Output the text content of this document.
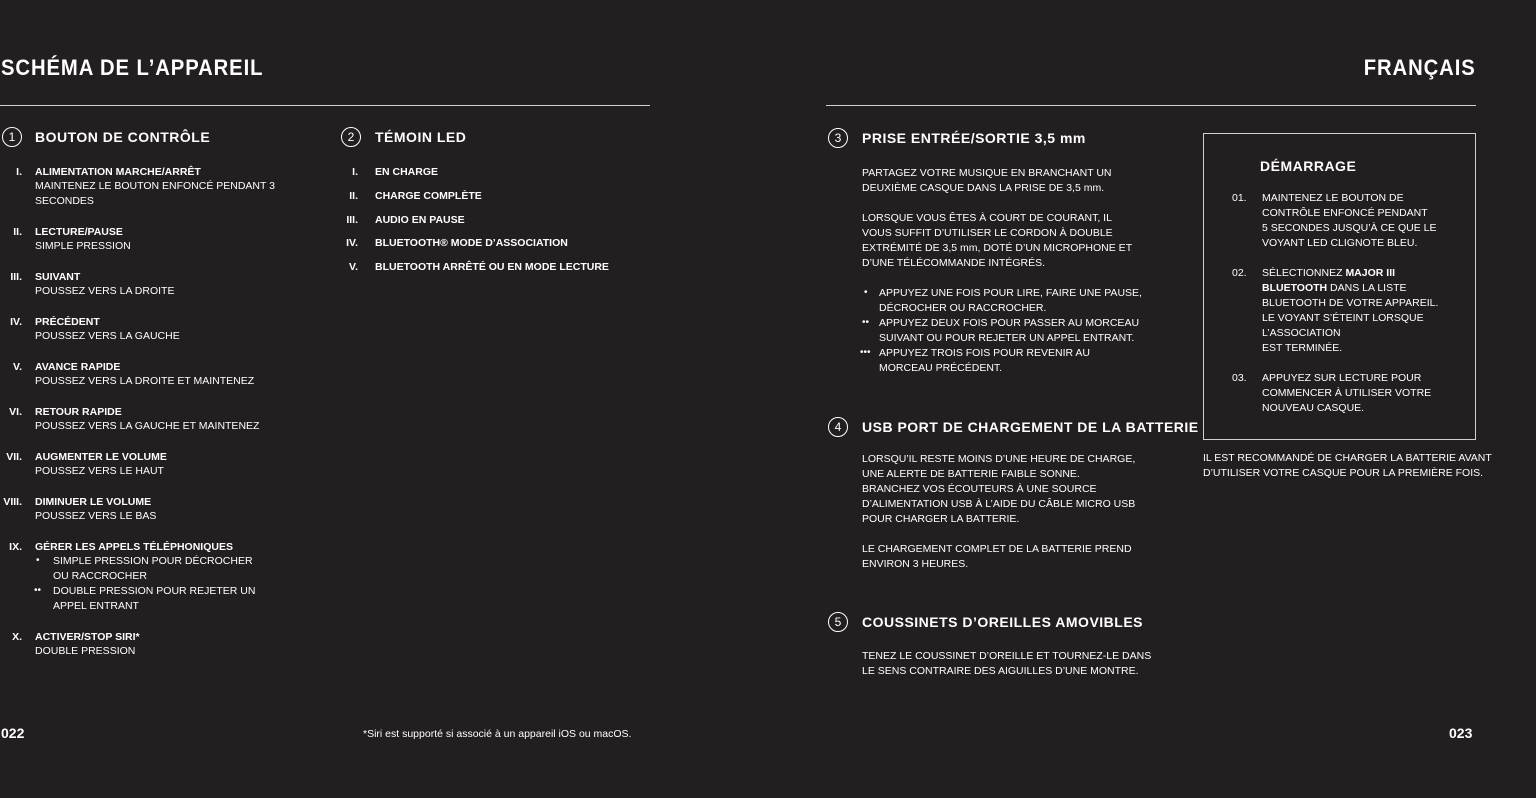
SCHÉMA DE L’APPAREIL
1	BOUTON DE CONTRÔLE
I. ALIMENTATION MARCHE/ARRÊT
MAINTENEZ LE BOUTON ENFONCÉ PENDANT 3
SECONDES
II. LECTURE/PAUSE
SIMPLE PRESSION
III. SUIVANT
POUSSEZ VERS LA DROITE
IV. PRÉCÉDENT
POUSSEZ VERS LA GAUCHE
V. AVANCE RAPIDE
POUSSEZ VERS LA DROITE ET MAINTENEZ
VI. RETOUR RAPIDE
POUSSEZ VERS LA GAUCHE ET MAINTENEZ
VII. AUGMENTER LE VOLUME
POUSSEZ VERS LE HAUT
VIII. DIMINUER LE VOLUME
POUSSEZ VERS LE BAS
IX. GÉRER LES APPELS TÉLÉPHONIQUES
• SIMPLE PRESSION POUR DÉCROCHER
OU RACCROCHER
•• DOUBLE PRESSION POUR REJETER UN
APPEL ENTRANT
X. ACTIVER/STOP SIRI*
DOUBLE PRESSION
2	TÉMOIN LED
I. EN CHARGE
II. CHARGE COMPLÈTE
III. AUDIO EN PAUSE
IV. BLUETOOTH® MODE D’ASSOCIATION
V. BLUETOOTH ARRÊTÉ OU EN MODE LECTURE
022	*Siri est supporté si associé à un appareil iOS ou macOS.
FRANÇAIS
3	PRISE ENTRÉE/SORTIE 3,5 mm
PARTAGEZ VOTRE MUSIQUE EN BRANCHANT UN
DEUXIÈME CASQUE DANS LA PRISE DE 3,5 mm.
LORSQUE VOUS ÊTES À COURT DE COURANT, IL
VOUS SUFFIT D’UTILISER LE CORDON À DOUBLE
EXTRÉMITÉ DE 3,5 mm, DOTÉ D’UN MICROPHONE ET
D’UNE TÉLÉCOMMANDE INTÉGRÉS.
• APPUYEZ UNE FOIS POUR LIRE, FAIRE UNE PAUSE,
DÉCROCHER OU RACCROCHER.
•• APPUYEZ DEUX FOIS POUR PASSER AU MORCEAU
SUIVANT OU POUR REJETER UN APPEL ENTRANT.
••• APPUYEZ TROIS FOIS POUR REVENIR AU
MORCEAU PRÉCÉDENT.
4	USB PORT DE CHARGEMENT DE LA BATTERIE
LORSQU’IL RESTE MOINS D’UNE HEURE DE CHARGE,
UNE ALERTE DE BATTERIE FAIBLE SONNE.
BRANCHEZ VOS ÉCOUTEURS À UNE SOURCE
D’ALIMENTATION USB À L’AIDE DU CÂBLE MICRO USB
POUR CHARGER LA BATTERIE.
LE CHARGEMENT COMPLET DE LA BATTERIE PREND
ENVIRON 3 HEURES.
5	COUSSINETS D’OREILLES AMOVIBLES
TENEZ LE COUSSINET D’OREILLE ET TOURNEZ-LE DANS
LE SENS CONTRAIRE DES AIGUILLES D’UNE MONTRE.
DÉMARRAGE
01. MAINTENEZ LE BOUTON DE
CONTRÔLE ENFONCÉ PENDANT
5 SECONDES JUSQU’À CE QUE LE
VOYANT LED CLIGNOTE BLEU.
02. SÉLECTIONNEZ MAJOR III
BLUETOOTH DANS LA LISTE
BLUETOOTH DE VOTRE APPAREIL.
LE VOYANT S’ÉTEINT LORSQUE
L’ASSOCIATION
EST TERMINÉE.
03. APPUYEZ SUR LECTURE POUR
COMMENCER À UTILISER VOTRE
NOUVEAU CASQUE.
IL EST RECOMMANDÉ DE CHARGER LA BATTERIE AVANT
D’UTILISER VOTRE CASQUE POUR LA PREMIÈRE FOIS.
023
